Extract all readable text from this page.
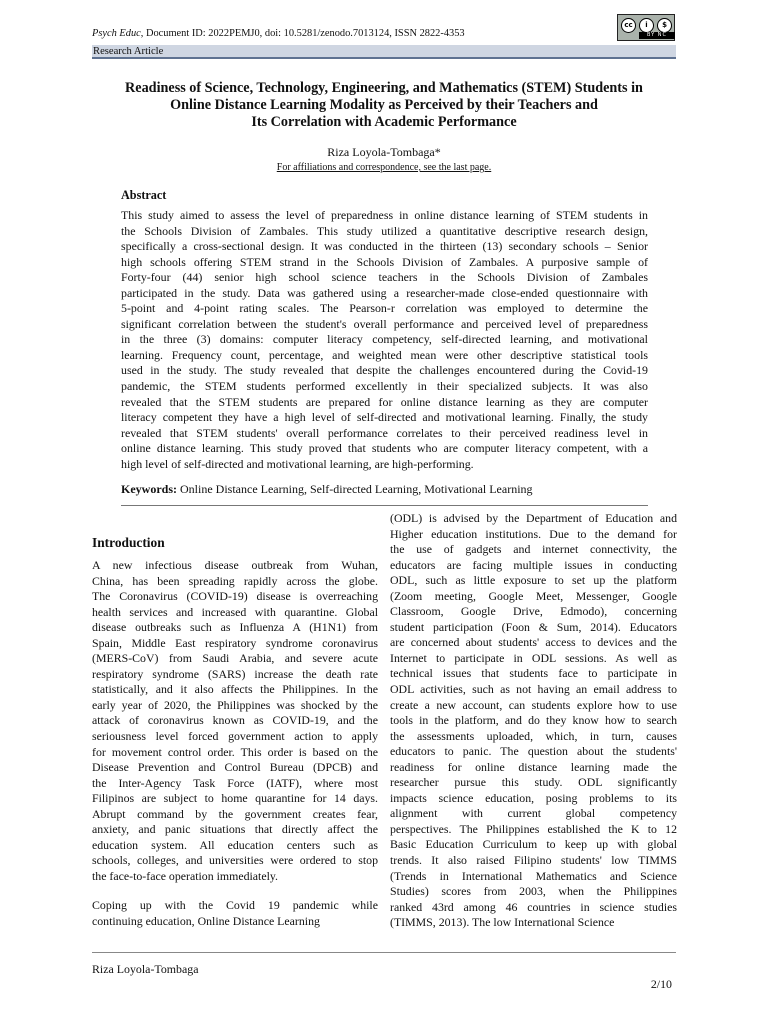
Psych Educ, Document ID: 2022PEMJ0, doi: 10.5281/zenodo.7013124, ISSN 2822-4353
cc	i	$
BY NC
Research Article
Readiness of Science, Technology, Engineering, and Mathematics (STEM) Students in
Online Distance Learning Modality as Perceived by their Teachers and
Its Correlation with Academic Performance
Riza Loyola-Tombaga*
For affiliations and correspondence, see the last page.
Abstract
This study aimed to assess the level of preparedness in online distance learning of STEM students in
the Schools Division of Zambales. This study utilized a quantitative descriptive research design,
specifically a cross-sectional design. It was conducted in the thirteen (13) secondary schools – Senior
high schools offering STEM strand in the Schools Division of Zambales. A purposive sample of
Forty-four (44) senior high school science teachers in the Schools Division of Zambales
participated in the study. Data was gathered using a researcher-made close-ended questionnaire with
5-point and 4-point rating scales. The Pearson-r correlation was employed to determine the
significant correlation between the student's overall performance and perceived level of preparedness
in the three (3) domains: computer literacy competency, self-directed learning, and motivational
learning. Frequency count, percentage, and weighted mean were other descriptive statistical tools
used in the study. The study revealed that despite the challenges encountered during the Covid-19
pandemic, the STEM students performed excellently in their specialized subjects. It was also
revealed that the STEM students are prepared for online distance learning as they are computer
literacy competent they have a high level of self-directed and motivational learning. Finally, the study
revealed that STEM students' overall performance correlates to their perceived readiness level in
online distance learning. This study proved that students who are computer literacy competent, with a
high level of self-directed and motivational learning, are high-performing.
Keywords: Online Distance Learning, Self-directed Learning, Motivational Learning
Introduction
A new infectious disease outbreak from Wuhan,
China, has been spreading rapidly across the globe.
The Coronavirus (COVID-19) disease is overreaching
health services and increased with quarantine. Global
disease outbreaks such as Influenza A (H1N1) from
Spain, Middle East respiratory syndrome coronavirus
(MERS-CoV) from Saudi Arabia, and severe acute
respiratory syndrome (SARS) increase the death rate
statistically, and it also affects the Philippines. In the
early year of 2020, the Philippines was shocked by the
attack of coronavirus known as COVID-19, and the
seriousness level forced government action to apply
for movement control order. This order is based on the
Disease Prevention and Control Bureau (DPCB) and
the Inter-Agency Task Force (IATF), where most
Filipinos are subject to home quarantine for 14 days.
Abrupt command by the government creates fear,
anxiety, and panic situations that directly affect the
education system. All education centers such as
schools, colleges, and universities were ordered to stop
the face-to-face operation immediately.
Coping up with the Covid 19 pandemic while
continuing education, Online Distance Learning
(ODL) is advised by the Department of Education and
Higher education institutions. Due to the demand for
the use of gadgets and internet connectivity, the
educators are facing multiple issues in conducting
ODL, such as little exposure to set up the platform
(Zoom meeting, Google Meet, Messenger, Google
Classroom, Google Drive, Edmodo), concerning
student participation (Foon & Sum, 2014). Educators
are concerned about students' access to devices and the
Internet to participate in ODL sessions. As well as
technical issues that students face to participate in
ODL activities, such as not having an email address to
create a new account, can students explore how to use
tools in the platform, and do they know how to search
the assessments uploaded, which, in turn, causes
educators to panic. The question about the students'
readiness for online distance learning made the
researcher pursue this study. ODL significantly
impacts science education, posing problems to its
alignment with current global competency
perspectives. The Philippines established the K to 12
Basic Education Curriculum to keep up with global
trends. It also raised Filipino students' low TIMMS
(Trends in International Mathematics and Science
Studies) scores from 2003, when the Philippines
ranked 43rd among 46 countries in science studies
(TIMMS, 2013). The low International Science
Riza Loyola-Tombaga
2/10
